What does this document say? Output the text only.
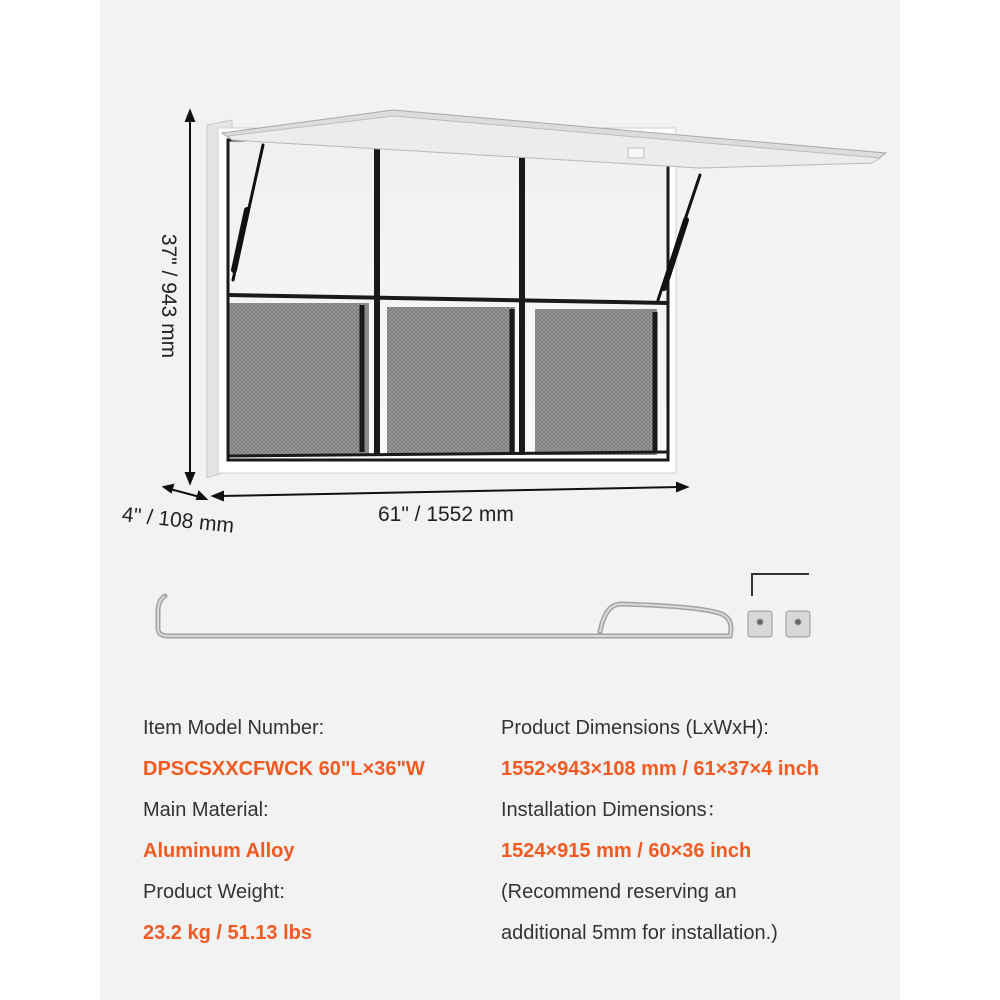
37" / 943 mm
61" / 1552 mm
4" / 108 mm
Item Model Number:
DPSCSXXCFWCK 60"L×36"W
Main Material:
Aluminum Alloy
Product Weight:
23.2 kg / 51.13 lbs
Product Dimensions (LxWxH):
1552×943×108 mm / 61×37×4 inch
Installation Dimensions：
1524×915 mm / 60×36 inch
(Recommend reserving an
additional 5mm for installation.)
